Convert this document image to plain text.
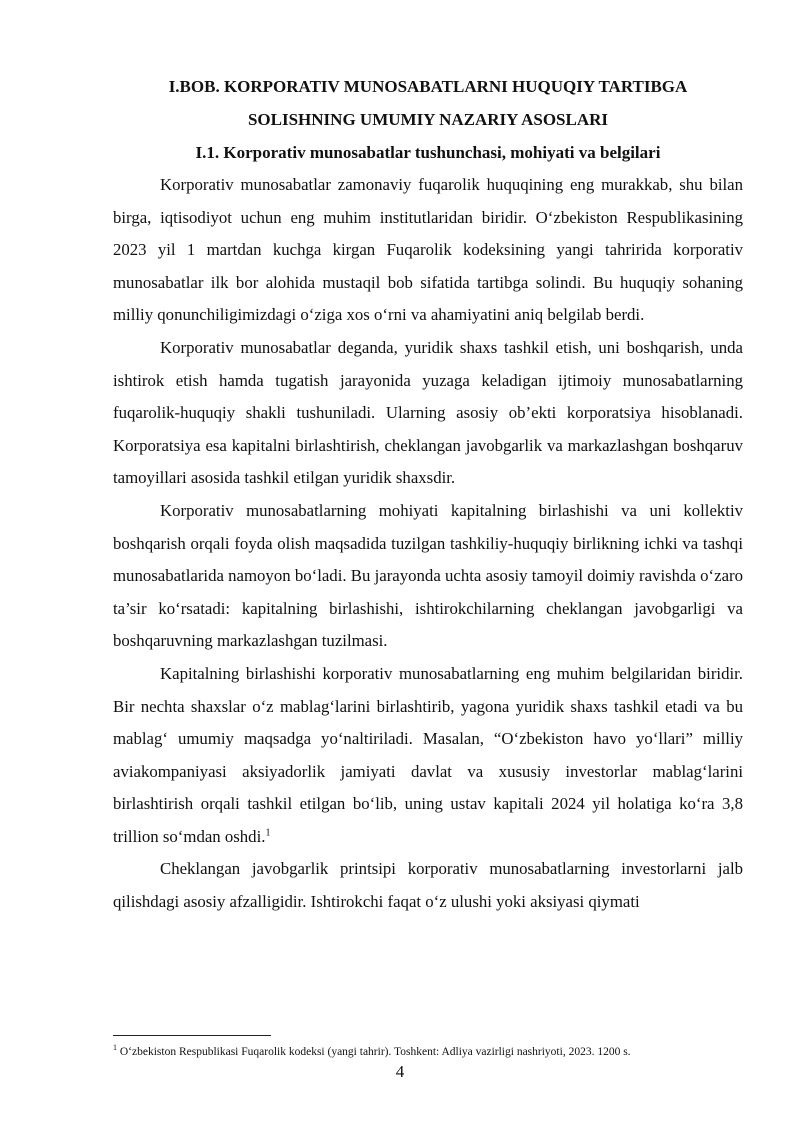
I.BOB. KORPORATIV MUNOSABATLARNI HUQUQIY TARTIBGA

SOLISHNING UMUMIY NAZARIY ASOSLARI

I.1. Korporativ munosabatlar tushunchasi, mohiyati va belgilari

Korporativ munosabatlar zamonaviy fuqarolik huquqining eng murakkab, shu bilan birga, iqtisodiyot uchun eng muhim institutlaridan biridir. O‘zbekiston Respublikasining 2023 yil 1 martdan kuchga kirgan Fuqarolik kodeksining yangi tahririda korporativ munosabatlar ilk bor alohida mustaqil bob sifatida tartibga solindi. Bu huquqiy sohaning milliy qonunchiligimizdagi o‘ziga xos o‘rni va ahamiyatini aniq belgilab berdi.

Korporativ munosabatlar deganda, yuridik shaxs tashkil etish, uni boshqarish, unda ishtirok etish hamda tugatish jarayonida yuzaga keladigan ijtimoiy munosabatlarning fuqarolik-huquqiy shakli tushuniladi. Ularning asosiy ob’ekti korporatsiya hisoblanadi. Korporatsiya esa kapitalni birlashtirish, cheklangan javobgarlik va markazlashgan boshqaruv tamoyillari asosida tashkil etilgan yuridik shaxsdir.

Korporativ munosabatlarning mohiyati kapitalning birlashishi va uni kollektiv boshqarish orqali foyda olish maqsadida tuzilgan tashkiliy-huquqiy birlikning ichki va tashqi munosabatlarida namoyon bo‘ladi. Bu jarayonda uchta asosiy tamoyil doimiy ravishda o‘zaro ta’sir ko‘rsatadi: kapitalning birlashishi, ishtirokchilarning cheklangan javobgarligi va boshqaruvning markazlashgan tuzilmasi.

Kapitalning birlashishi korporativ munosabatlarning eng muhim belgilaridan biridir. Bir nechta shaxslar o‘z mablag‘larini birlashtirib, yagona yuridik shaxs tashkil etadi va bu mablag‘ umumiy maqsadga yo‘naltiriladi. Masalan, “O‘zbekiston havo yo‘llari” milliy aviakompaniyasi aksiyadorlik jamiyati davlat va xususiy investorlar mablag‘larini birlashtirish orqali tashkil etilgan bo‘lib, uning ustav kapitali 2024 yil holatiga ko‘ra 3,8 trillion so‘mdan oshdi.$^1$

Cheklangan javobgarlik printsipi korporativ munosabatlarning investorlarni jalb qilishdagi asosiy afzalligidir. Ishtirokchi faqat o‘z ulushi yoki aksiyasi qiymati

$^1$ O‘zbekiston Respublikasi Fuqarolik kodeksi (yangi tahrir). Toshkent: Adliya vazirligi nashriyoti, 2023. 1200 s.
4
